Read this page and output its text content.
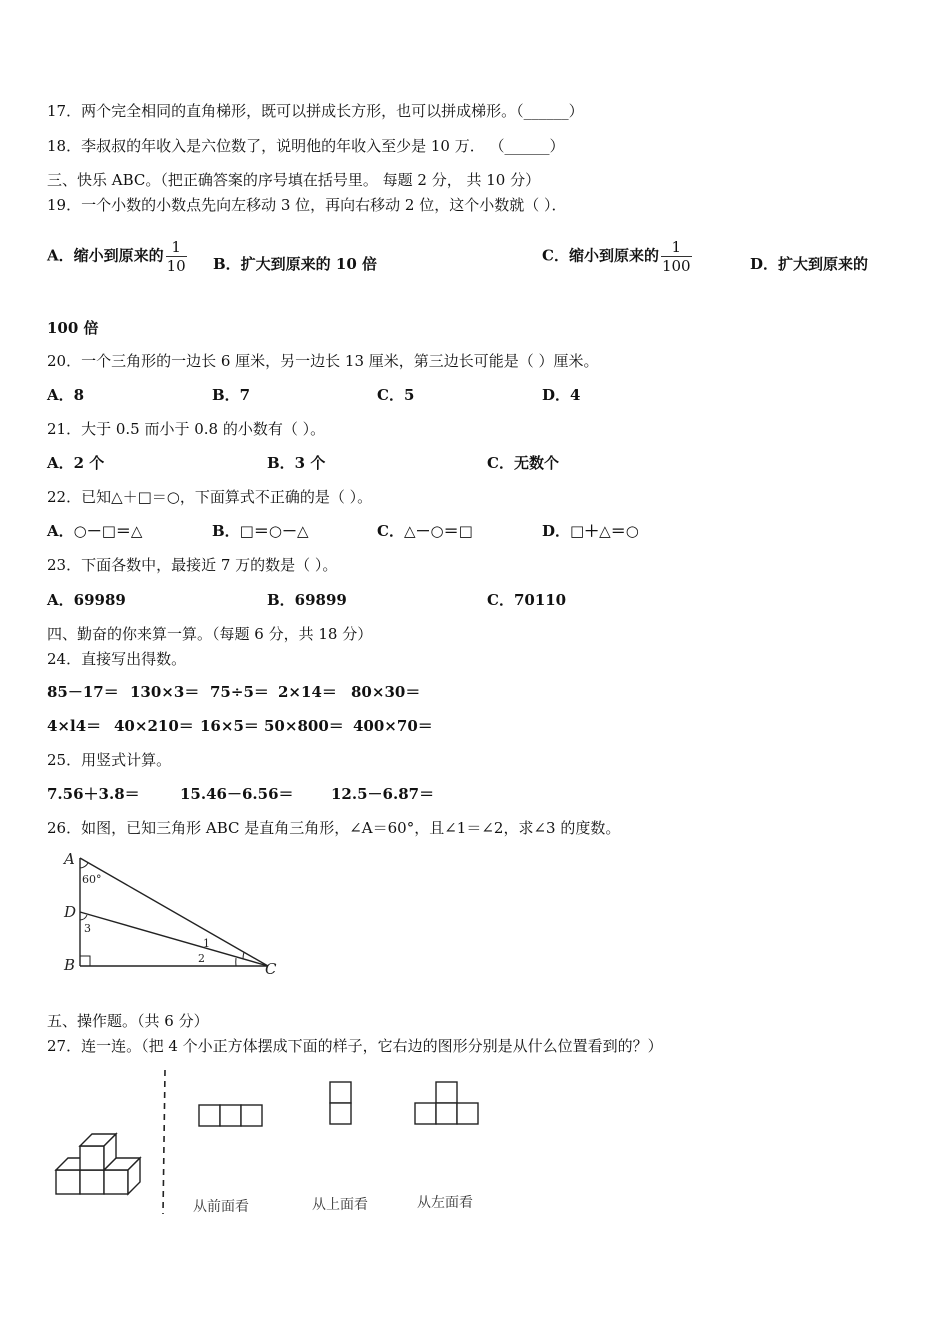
17．两个完全相同的直角梯形，既可以拼成长方形，也可以拼成梯形。（______）
18．李叔叔的年收入是六位数了，说明他的年收入至少是 10 万． （______）
三、快乐 ABC。（把正确答案的序号填在括号里。 每题 2 分， 共 10 分）
19．一个小数的小数点先向左移动 3 位，再向右移动 2 位，这个小数就（ ）．
A．缩小到原来的 $\frac{1}{10}$ B．扩大到原来的 10 倍	C．缩小到原来的 $\frac{1}{100}$	D．扩大到原来的
100 倍
20．一个三角形的一边长 6 厘米，另一边长 13 厘米，第三边长可能是（ ）厘米。
A．8	B．7	C．5	D．4
21．大于 0.5 而小于 0.8 的小数有（ ）。
A．2 个	B．3 个	C．无数个
22．已知△＋□＝○，下面算式不正确的是（ ）。
A．○－□＝△	B．□＝○－△	C．△－○＝□	D．□＋△＝○
23．下面各数中，最接近 7 万的数是（ ）。
A．69989	B．69899	C．70110
四、勤奋的你来算一算。（每题 6 分，共 18 分）
24．直接写出得数。
85－17＝ 130×3＝ 75÷5＝ 2×14＝ 80×30＝
4×l4＝ 40×210＝ 16×5＝ 50×800＝ 400×70＝
25．用竖式计算。
7.56＋3.8＝	15.46－6.56＝ 12.5－6.87＝
26．如图，已知三角形 ABC 是直角三角形，∠A＝60°，且∠1＝∠2，求∠3 的度数。
A
D
B	C
60°
3
1
2
五、操作题。（共 6 分）
27．连一连。（把 4 个小正方体摆成下面的样子，它右边的图形分别是从什么位置看到的？）
从前面看	从上面看	从左面看
